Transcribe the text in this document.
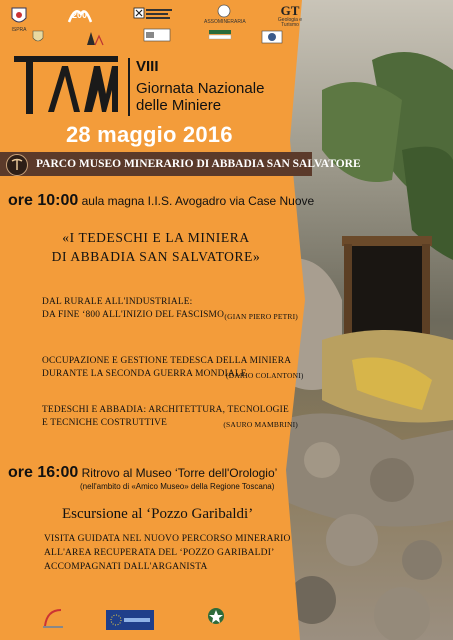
ISPRA
200
ASSOMINERARIA
GT
Geologia e Turismo
VIII
Giornata Nazionale
delle Miniere
28 maggio 2016
PARCO MUSEO MINERARIO DI ABBADIA SAN SALVATORE
ore 10:00 aula magna I.I.S. Avogadro via Case Nuove
«I TEDESCHI E LA MINIERA
DI ABBADIA SAN SALVATORE»
DAL RURALE ALL'INDUSTRIALE:
DA FINE ‘800 ALL'INIZIO DEL FASCISMO (GIAN PIERO PETRI)
OCCUPAZIONE E GESTIONE TEDESCA DELLA MINIERA
DURANTE LA SECONDA GUERRA MONDIALE
(DARIO COLANTONI)
TEDESCHI E ABBADIA: ARCHITETTURA, TECNOLOGIE
E TECNICHE COSTRUTTIVE	(SAURO MAMBRINI)
ore 16:00 Ritrovo al Museo ‘Torre dell'Orologio’
(nell'ambito di «Amico Museo» della Regione Toscana)
Escursione al ‘Pozzo Garibaldi’
VISITA GUIDATA NEL NUOVO PERCORSO MINERARIO
ALL'AREA RECUPERATA DEL ‘POZZO GARIBALDI’
ACCOMPAGNATI DALL'ARGANISTA
